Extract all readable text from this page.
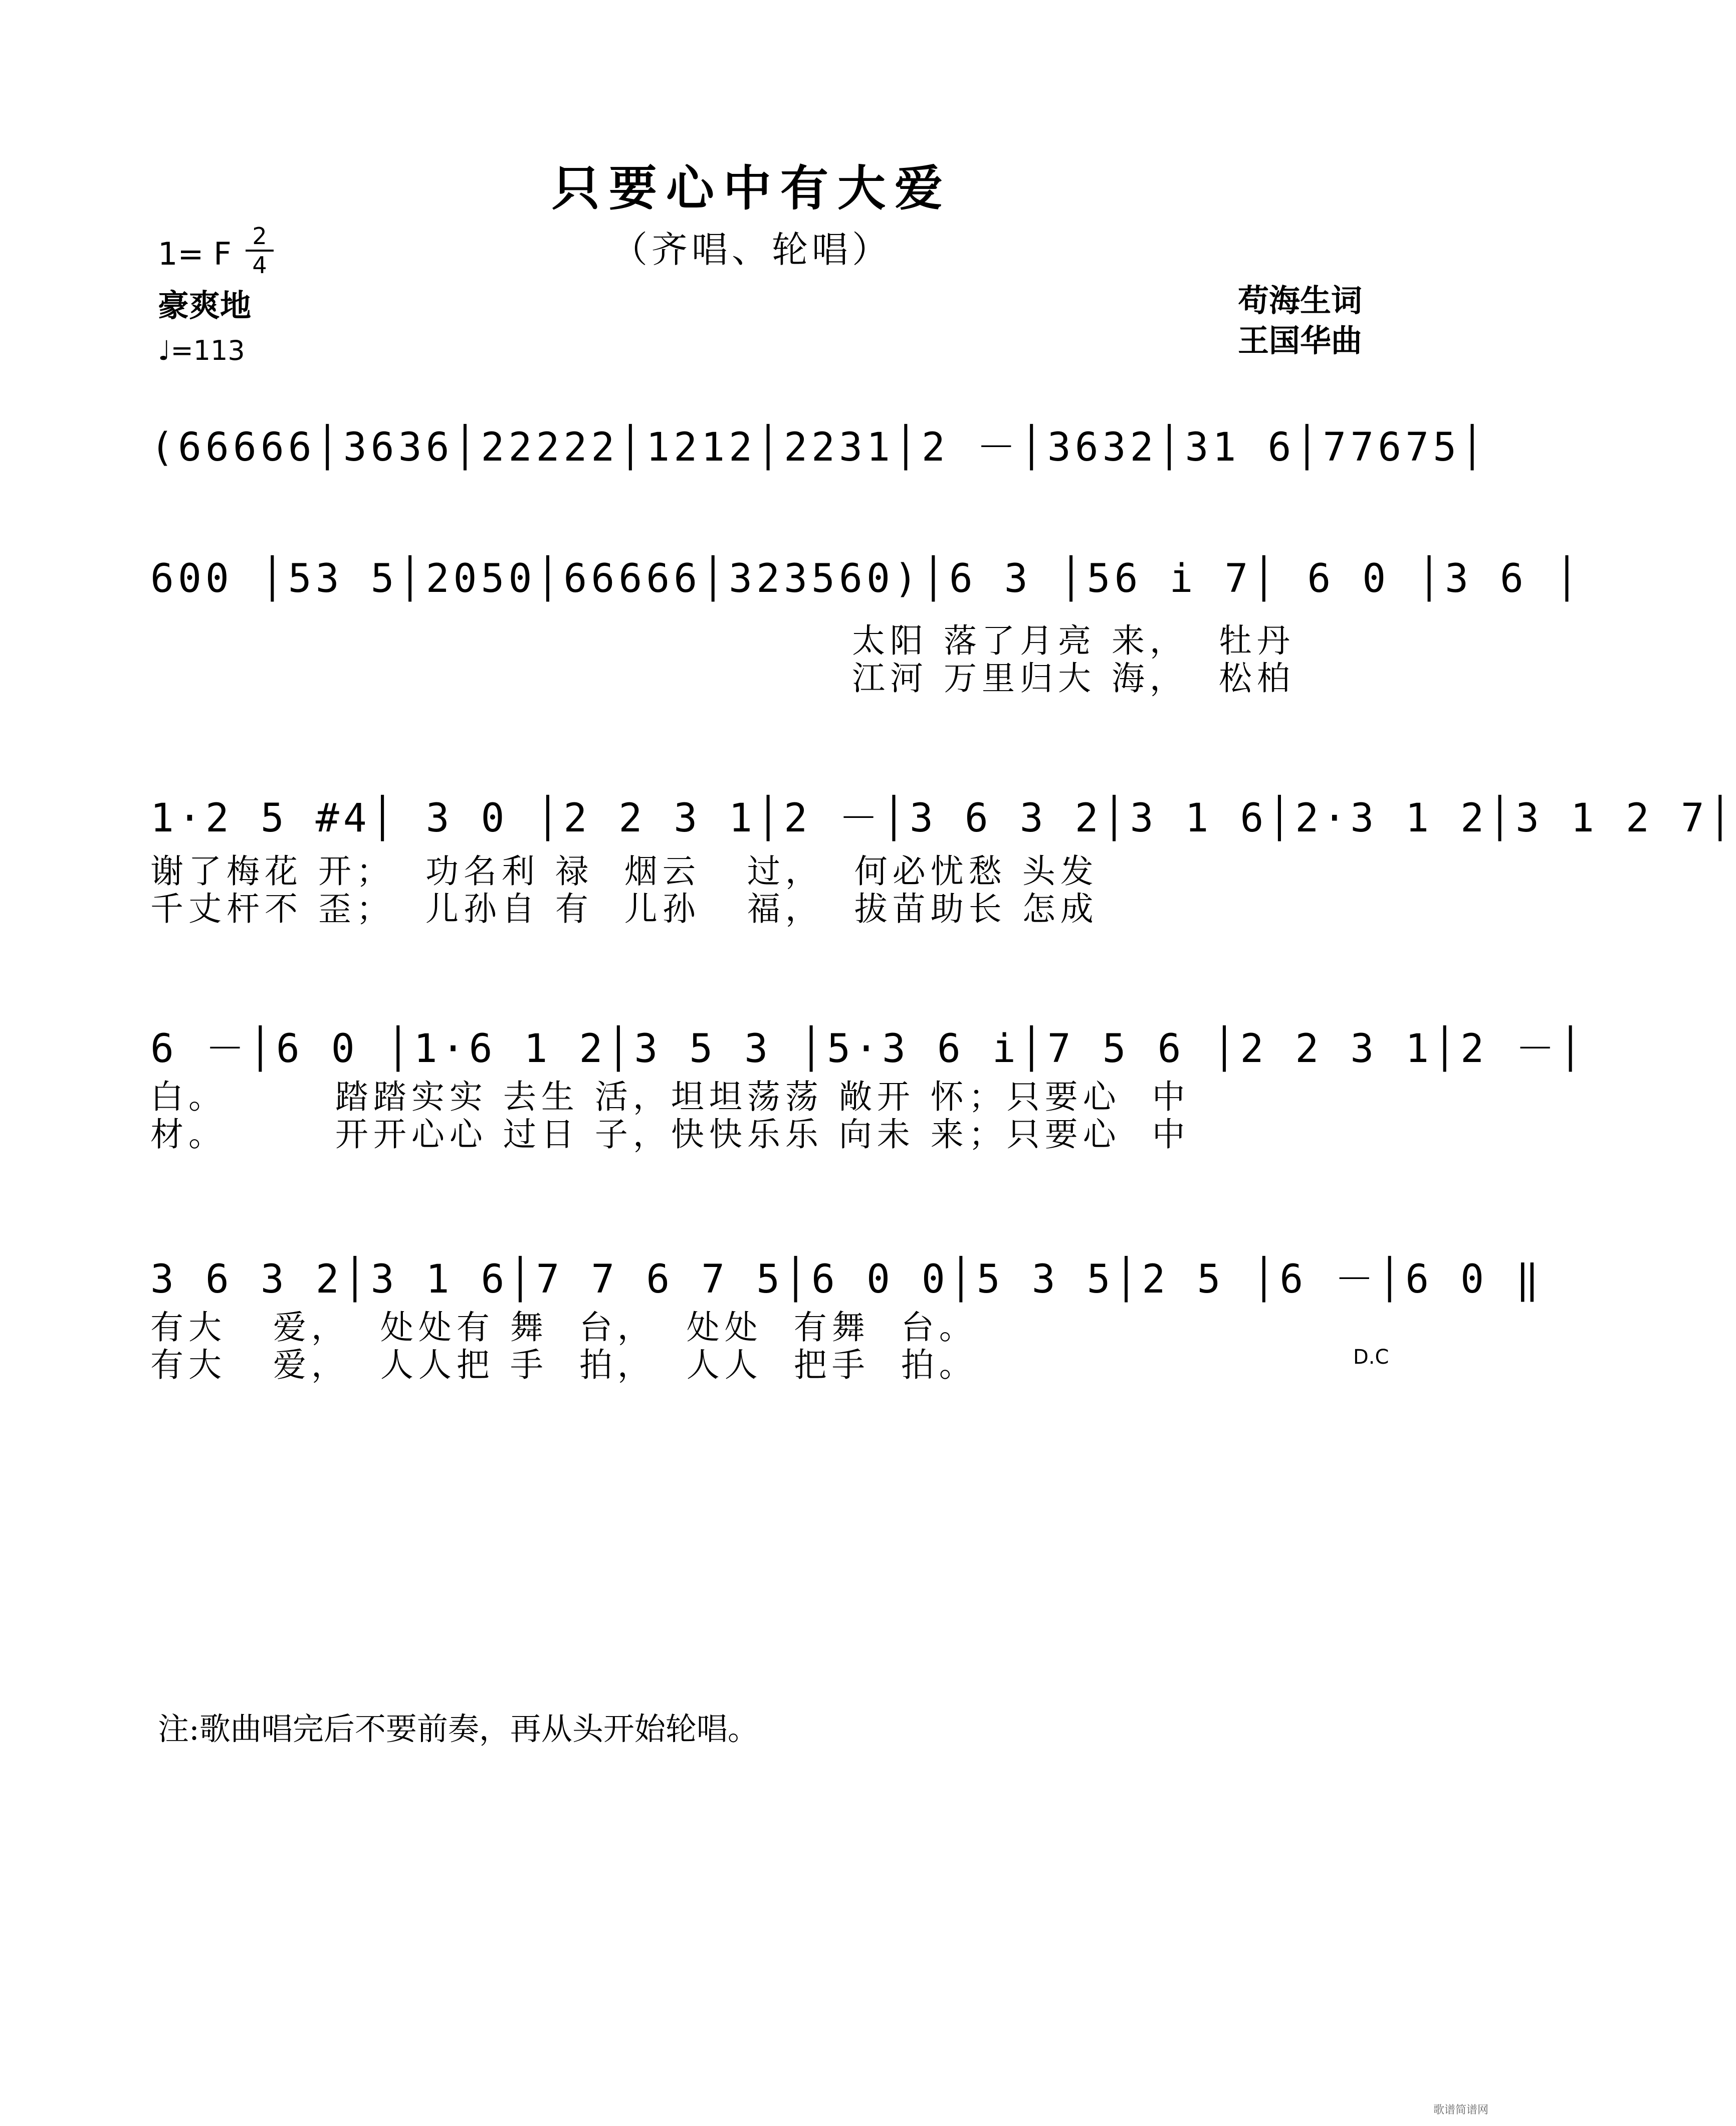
只要心中有大爱
（齐唱、轮唱）
1= F 2
4
豪爽地
♩=113
苟海生词
王国华曲
(66666│3636│22222│1212│2231│2 －│3632│31 6│77675│
600 │53 5│2050│66666│323560)│6 3 │56 i 7│ 6 0 │3 6 │
太阳 落了月亮 来，  牡丹
江河 万里归大 海，  松柏
1·2 5 #4│ 3 0 │2 2 3 1│2 －│3 6 3 2│3 1 6│2·3 1 2│3 1 2 7│
谢了梅花 开；  功名利 禄  烟云   过，  何必忧愁 头发
千丈杆不 歪；  儿孙自 有  儿孙   福，  拔苗助长 怎成
6 －│6 0 │1·6 1 2│3 5 3 │5·3 6 i│7 5 6 │2 2 3 1│2 －│
白。       踏踏实实 去生 活，坦坦荡荡 敞开 怀；只要心  中
材。       开开心心 过日 子，快快乐乐 向未 来；只要心  中
3 6 3 2│3 1 6│7 7 6 7 5│6 0 0│5 3 5│2 5 │6 －│6 0 ‖
有大   爱，  处处有 舞  台，  处处  有舞  台。
有大   爱，  人人把 手  拍，  人人  把手  拍。	D.C
注:歌曲唱完后不要前奏，再从头开始轮唱。
歌谱简谱网
